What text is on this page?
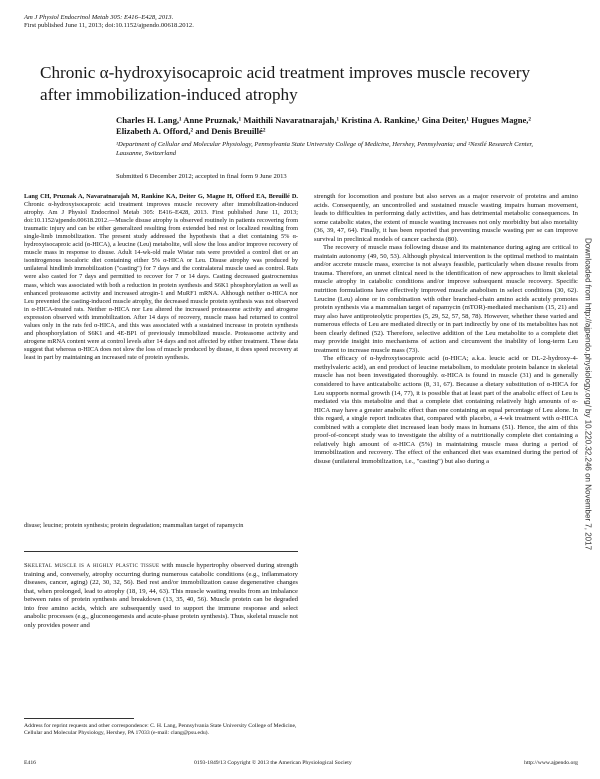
Am J Physiol Endocrinol Metab 305: E416–E428, 2013.
First published June 11, 2013; doi:10.1152/ajpendo.00618.2012.
Chronic α-hydroxyisocaproic acid treatment improves muscle recovery after immobilization-induced atrophy
Charles H. Lang,¹ Anne Pruznak,¹ Maithili Navaratnarajah,¹ Kristina A. Rankine,¹ Gina Deiter,¹ Hugues Magne,² Elizabeth A. Offord,² and Denis Breuillé²
¹Department of Cellular and Molecular Physiology, Pennsylvania State University College of Medicine, Hershey, Pennsylvania; and ²Nestlé Research Center, Lausanne, Switzerland
Submitted 6 December 2012; accepted in final form 9 June 2013
Lang CH, Pruznak A, Navaratnarajah M, Rankine KA, Deiter G, Magne H, Offord EA, Breuillé D. Chronic α-hydroxyisocaproic acid treatment improves muscle recovery after immobilization-induced atrophy. Am J Physiol Endocrinol Metab 305: E416–E428, 2013. First published June 11, 2013; doi:10.1152/ajpendo.00618.2012.—Muscle disuse atrophy is observed routinely in patients recovering from traumatic injury and can be either generalized resulting from extended bed rest or localized resulting from single-limb immobilization. The present study addressed the hypothesis that a diet containing 5% α-hydroxyisocaproic acid (α-HICA), a leucine (Leu) metabolite, will slow the loss and/or improve recovery of muscle mass in response to disuse. Adult 14-wk-old male Wistar rats were provided a control diet or an isonitrogenous isocaloric diet containing either 5% α-HICA or Leu. Disuse atrophy was produced by unilateral hindlimb immobilization ("casting") for 7 days and the contralateral muscle used as control. Rats were also casted for 7 days and permitted to recover for 7 or 14 days. Casting decreased gastrocnemius mass, which was associated with both a reduction in protein synthesis and S6K1 phosphorylation as well as enhanced proteasome activity and increased atrogin-1 and MuRF1 mRNA. Although neither α-HICA nor Leu prevented the casting-induced muscle atrophy, the decreased muscle protein synthesis was not observed in α-HICA-treated rats. Neither α-HICA nor Leu altered the increased proteasome activity and atrogene expression observed with immobilization. After 14 days of recovery, muscle mass had returned to control values only in the rats fed α-HICA, and this was associated with a sustained increase in protein synthesis and phosphorylation of S6K1 and 4E-BP1 of previously immobilized muscle. Proteasome activity and atrogene mRNA content were at control levels after 14 days and not affected by either treatment. These data suggest that whereas α-HICA does not slow the loss of muscle produced by disuse, it does speed recovery at least in part by maintaining an increased rate of protein synthesis.
disuse; leucine; protein synthesis; protein degradation; mammalian target of rapamycin
Skeletal muscle is a highly plastic tissue with muscle hypertrophy observed during strength training and, conversely, atrophy occurring during numerous catabolic conditions (e.g., inflammatory diseases, cancer, aging) (22, 30, 32, 56). Bed rest and/or immobilization cause degenerative changes that, when prolonged, lead to atrophy (18, 19, 44, 63). This muscle wasting results from an imbalance between rates of protein synthesis and breakdown (13, 35, 40, 56). Muscle protein can be degraded into free amino acids, which are subsequently used to support the immune response and select anabolic processes (e.g., gluconeogenesis and acute-phase protein synthesis). Thus, skeletal muscle not only provides power and
Address for reprint requests and other correspondence: C. H. Lang, Pennsylvania State University College of Medicine, Cellular and Molecular Physiology, Hershey, PA 17033 (e-mail: clang@psu.edu).

strength for locomotion and posture but also serves as a major reservoir of proteins and amino acids. Consequently, an uncontrolled and sustained muscle wasting impairs human movement, leads to difficulties in performing daily activities, and has detrimental metabolic consequences. In some catabolic states, the extent of muscle wasting increases not only morbidity but also mortality (36, 39, 47, 64). Finally, it has been reported that preventing muscle wasting per se can improve survival in preclinical models of cancer cachexia (80).

The recovery of muscle mass following disuse and its maintenance during aging are critical to maintain autonomy (49, 50, 53). Although physical intervention is the optimal method to maintain and/or accrete muscle mass, exercise is not always feasible, particularly when disuse results from trauma. Therefore, an unmet clinical need is the identification of new approaches to limit skeletal muscle atrophy in catabolic conditions and/or improve subsequent muscle recovery. Specific nutrition formulations have effectively improved muscle anabolism in select conditions (30, 62). Leucine (Leu) alone or in combination with other branched-chain amino acids acutely promotes protein synthesis via a mammalian target of rapamycin (mTOR)-mediated mechanism (15, 21) and may also have antiproteolytic properties (5, 29, 52, 57, 58, 78). However, whether these varied and numerous effects of Leu are mediated directly or in part indirectly by one of its metabolites has not been clearly defined (52). Therefore, selective addition of the Leu metabolite to a complete diet may provide insight into mechanisms of action and circumvent the inability of long-term Leu treatment to increase muscle mass (73).

The efficacy of α-hydroxyisocaproic acid (α-HICA; a.k.a. leucic acid or DL-2-hydroxy-4-methylvaleric acid), an end product of leucine metabolism, to modulate protein balance in skeletal muscle has not been investigated thoroughly. α-HICA is found in muscle (31) and is generally considered to have anticatabolic actions (8, 31, 67). Because a dietary substitution of α-HICA for Leu supports normal growth (14, 77), it is possible that at least part of the anabolic effect of Leu is mediated via this metabolite and that a complete diet containing relatively high amounts of α-HICA may have a greater anabolic effect than one containing an equal percentage of Leu alone. In this regard, a single report indicates that, compared with placebo, a 4-wk treatment with α-HICA combined with a complete diet increased lean body mass in humans (51). Hence, the aim of this proof-of-concept study was to investigate the ability of a nutritionally complete diet containing a relatively high amount of α-HICA (5%) in maintaining muscle mass during a period of immobilization and recovery. The effect of the enhanced diet was examined during the period of disuse (unilateral immobilization, i.e., "casting") but also during a

E416	0193-1849/13 Copyright © 2013 the American Physiological Society	http://www.ajpendo.org
Downloaded from http://ajpendo.physiology.org/ by 10.220.32.246 on November 7, 2017
